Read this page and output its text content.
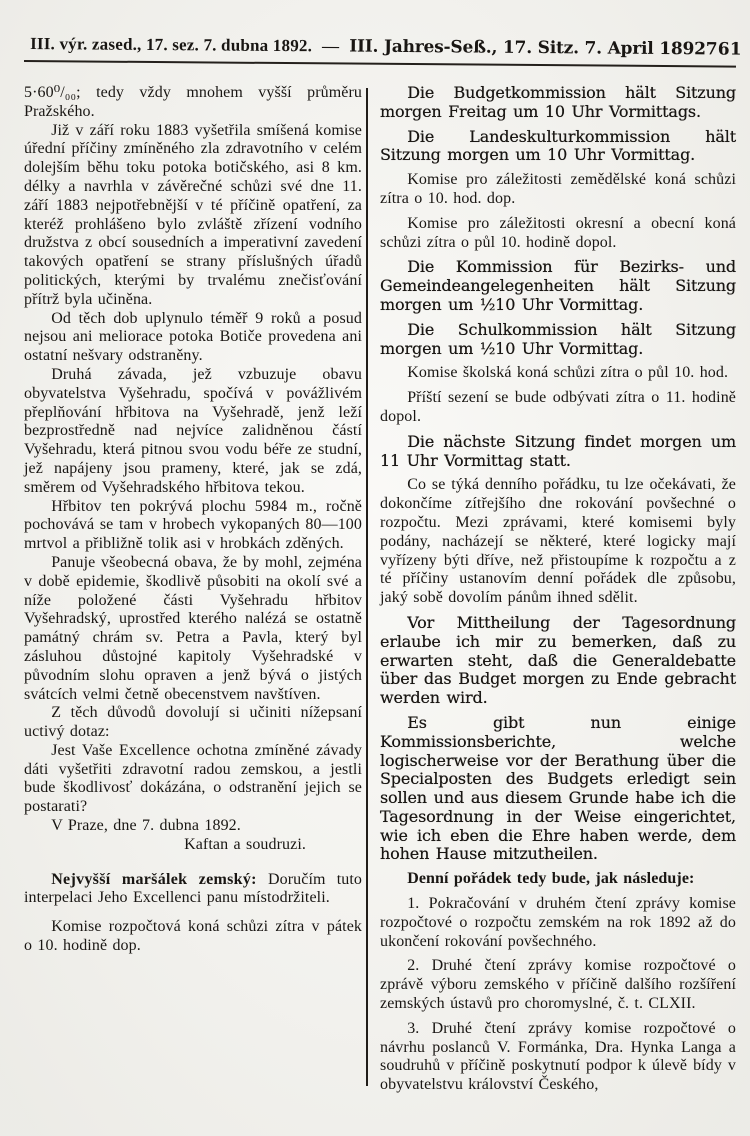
III. výr. zased., 17. sez. 7. dubna 1892. — III. Jahres-Seß., 17. Sitz. 7. April 1892 761

5·60⁰/₀₀; tedy vždy mnohem vyšší průměru Pražského.

Již v září roku 1883 vyšetřila smíšená komise úřední příčiny zmíněného zla zdravotního v celém dolejším běhu toku potoka botičského, asi 8 km. délky a navrhla v závěrečné schůzi své dne 11. září 1883 nejpotřebnější v té příčině opatření, za kteréž prohlášeno bylo zvláště zřízení vodního družstva z obcí sousedních a imperativní zavedení takových opatření se strany příslušných úřadů politických, kterými by trvalému znečisťování přítrž byla učiněna.

Od těch dob uplynulo téměř 9 roků a posud nejsou ani meliorace potoka Botiče provedena ani ostatní nešvary odstraněny.

Druhá závada, jež vzbuzuje obavu obyvatelstva Vyšehradu, spočívá v povážlivém přeplňování hřbitova na Vyšehradě, jenž leží bezprostředně nad nejvíce zalidněnou částí Vyšehradu, která pitnou svou vodu béře ze studní, jež napájeny jsou prameny, které, jak se zdá, směrem od Vyšehradského hřbitova tekou.

Hřbitov ten pokrývá plochu 5984 m., ročně pochovává se tam v hrobech vykopaných 80—100 mrtvol a přibližně tolik asi v hrobkách zděných.

Panuje všeobecná obava, že by mohl, zejména v době epidemie, škodlivě působiti na okolí své a níže položené části Vyšehradu hřbitov Vyšehradský, uprostřed kterého nalézá se ostatně památný chrám sv. Petra a Pavla, který byl zásluhou důstojné kapitoly Vyšehradské v původním slohu opraven a jenž bývá o jistých svátcích velmi četně obecenstvem navštíven.

Z těch důvodů dovolují si učiniti nížepsaní uctivý dotaz:

Jest Vaše Excellence ochotna zmíněné závady dáti vyšetřiti zdravotní radou zemskou, a jestli bude škodlivosť dokázána, o odstranění jejich se postarati?

V Praze, dne 7. dubna 1892.

Kaftan a soudruzi.

Nejvyšší maršálek zemský: Doručím tuto interpelaci Jeho Excellenci panu místodržiteli.

Komise rozpočtová koná schůzi zítra v pátek o 10. hodině dop.

Die Budgetkommission hält Sitzung morgen Freitag um 10 Uhr Vormittags.

Die Landeskulturkommission hält Sitzung morgen um 10 Uhr Vormittag.

Komise pro záležitosti zemědělské koná schůzi zítra o 10. hod. dop.

Komise pro záležitosti okresní a obecní koná schůzi zítra o půl 10. hodině dopol.

Die Kommission für Bezirks- und Gemeindeangelegenheiten hält Sitzung morgen um ½10 Uhr Vormittag.

Die Schulkommission hält Sitzung morgen um ½10 Uhr Vormittag.

Komise školská koná schůzi zítra o půl 10. hod.

Příští sezení se bude odbývati zítra o 11. hodině dopol.

Die nächste Sitzung findet morgen um 11 Uhr Vormittag statt.

Co se týká denního pořádku, tu lze očekávati, že dokončíme zítřejšího dne rokování povšechné o rozpočtu. Mezi zprávami, které komisemi byly podány, nacházejí se některé, které logicky mají vyřízeny býti dříve, než přistoupíme k rozpočtu a z té příčiny ustanovím denní pořádek dle způsobu, jaký sobě dovolím pánům ihned sdělit.

Vor Mittheilung der Tagesordnung erlaube ich mir zu bemerken, daß zu erwarten steht, daß die Generaldebatte über das Budget morgen zu Ende gebracht werden wird.

Es gibt nun einige Kommissionsberichte, welche logischerweise vor der Berathung über die Specialposten des Budgets erledigt sein sollen und aus diesem Grunde habe ich die Tagesordnung in der Weise eingerichtet, wie ich eben die Ehre haben werde, dem hohen Hause mitzutheilen.

Denní pořádek tedy bude, jak následuje:

1. Pokračování v druhém čtení zprávy komise rozpočtové o rozpočtu zemském na rok 1892 až do ukončení rokování povšechného.

2. Druhé čtení zprávy komise rozpočtové o zprávě výboru zemského v příčině dalšího rozšíření zemských ústavů pro choromyslné, č. t. CLXII.

3. Druhé čtení zprávy komise rozpočtové o návrhu poslanců V. Formánka, Dra. Hynka Langa a soudruhů v příčině poskytnutí podpor k úlevě bídy v obyvatelstvu království Českého,
